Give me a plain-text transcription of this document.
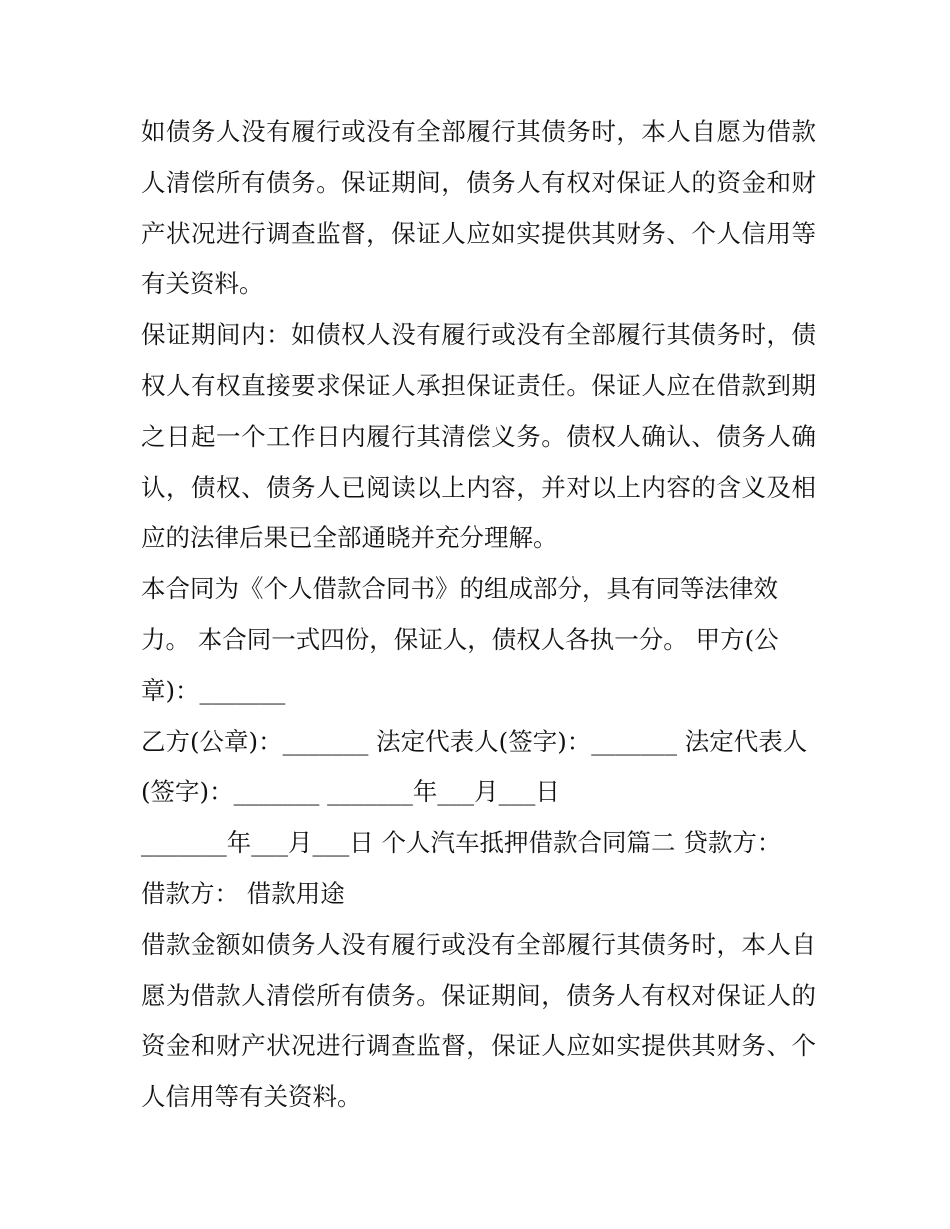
如债务人没有履行或没有全部履行其债务时，本人自愿为借款
人清偿所有债务。保证期间，债务人有权对保证人的资金和财
产状况进行调查监督，保证人应如实提供其财务、个人信用等
有关资料。
保证期间内：如债权人没有履行或没有全部履行其债务时，债
权人有权直接要求保证人承担保证责任。保证人应在借款到期
之日起一个工作日内履行其清偿义务。债权人确认、债务人确
认，债权、债务人已阅读以上内容，并对以上内容的含义及相
应的法律后果已全部通晓并充分理解。
本合同为《个人借款合同书》的组成部分，具有同等法律效
力。 本合同一式四份，保证人，债权人各执一分。 甲方(公
章)：_______
乙方(公章)：_______ 法定代表人(签字)：_______ 法定代表人
(签字)：_______ _______年___月___日
_______年___月___日 个人汽车抵押借款合同篇二 贷款方：
借款方： 借款用途
借款金额如债务人没有履行或没有全部履行其债务时，本人自
愿为借款人清偿所有债务。保证期间，债务人有权对保证人的
资金和财产状况进行调查监督，保证人应如实提供其财务、个
人信用等有关资料。
